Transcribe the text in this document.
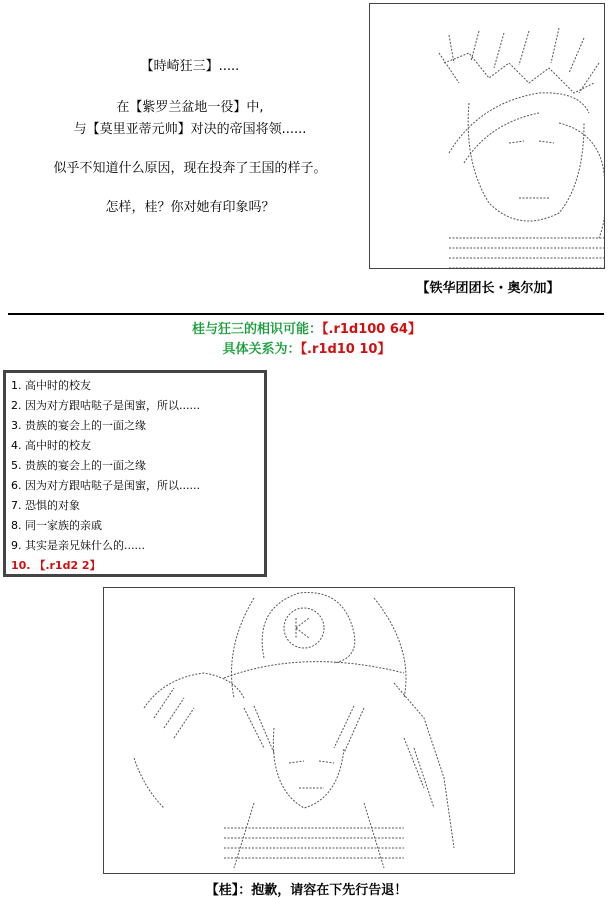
【時崎狂三】.....
在【紫罗兰盆地一役】中,
与【莫里亚蒂元帅】对决的帝国将领......
似乎不知道什么原因，现在投奔了王国的样子。
怎样，桂？你对她有印象吗？

【铁华团团长・奥尔加】
桂与狂三的相识可能：【.r1d100 64】
具体关系为：【.r1d10 10】
1. 高中时的校友
2. 因为对方跟咕哒子是闺蜜，所以......
3. 贵族的宴会上的一面之缘
4. 高中时的校友
5. 贵族的宴会上的一面之缘
6. 因为对方跟咕哒子是闺蜜，所以......
7. 恐惧的对象
8. 同一家族的亲戚
9. 其实是亲兄妹什么的......
10. 【.r1d2 2】
【桂】：抱歉，请容在下先行告退！
